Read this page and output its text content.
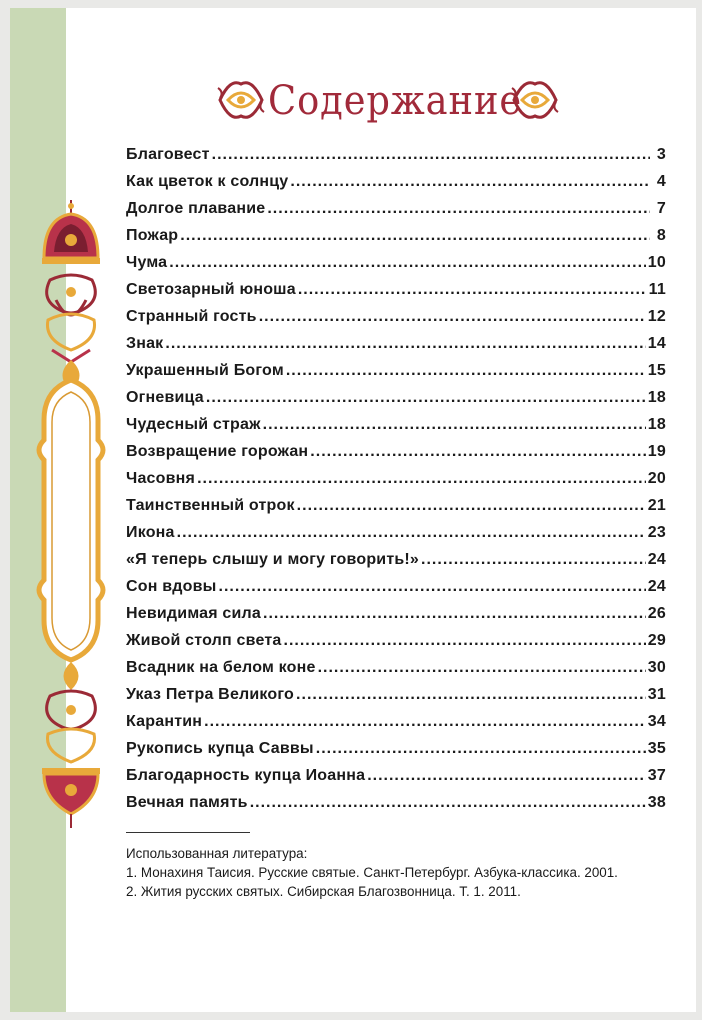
Содержание
Благовест .....	3
Как цветок к солнцу .....	4
Долгое плавание .....	7
Пожар .....	8
Чума .....	10
Светозарный юноша .....	11
Странный гость .....	12
Знак .....	14
Украшенный Богом .....	15
Огневица .....	18
Чудесный страж .....	18
Возвращение горожан .....	19
Часовня .....	20
Таинственный отрок .....	21
Икона .....	23
«Я теперь слышу и могу говорить!» .....	24
Сон вдовы .....	24
Невидимая сила .....	26
Живой столп света .....	29
Всадник на белом коне .....	30
Указ Петра Великого .....	31
Карантин .....	34
Рукопись купца Саввы .....	35
Благодарность купца Иоанна .....	37
Вечная память .....	38
Использованная литература:
1. Монахиня Таисия. Русские святые. Санкт-Петербург. Азбука-классика. 2001.
2. Жития русских святых. Сибирская Благозвонница. Т. 1. 2011.
